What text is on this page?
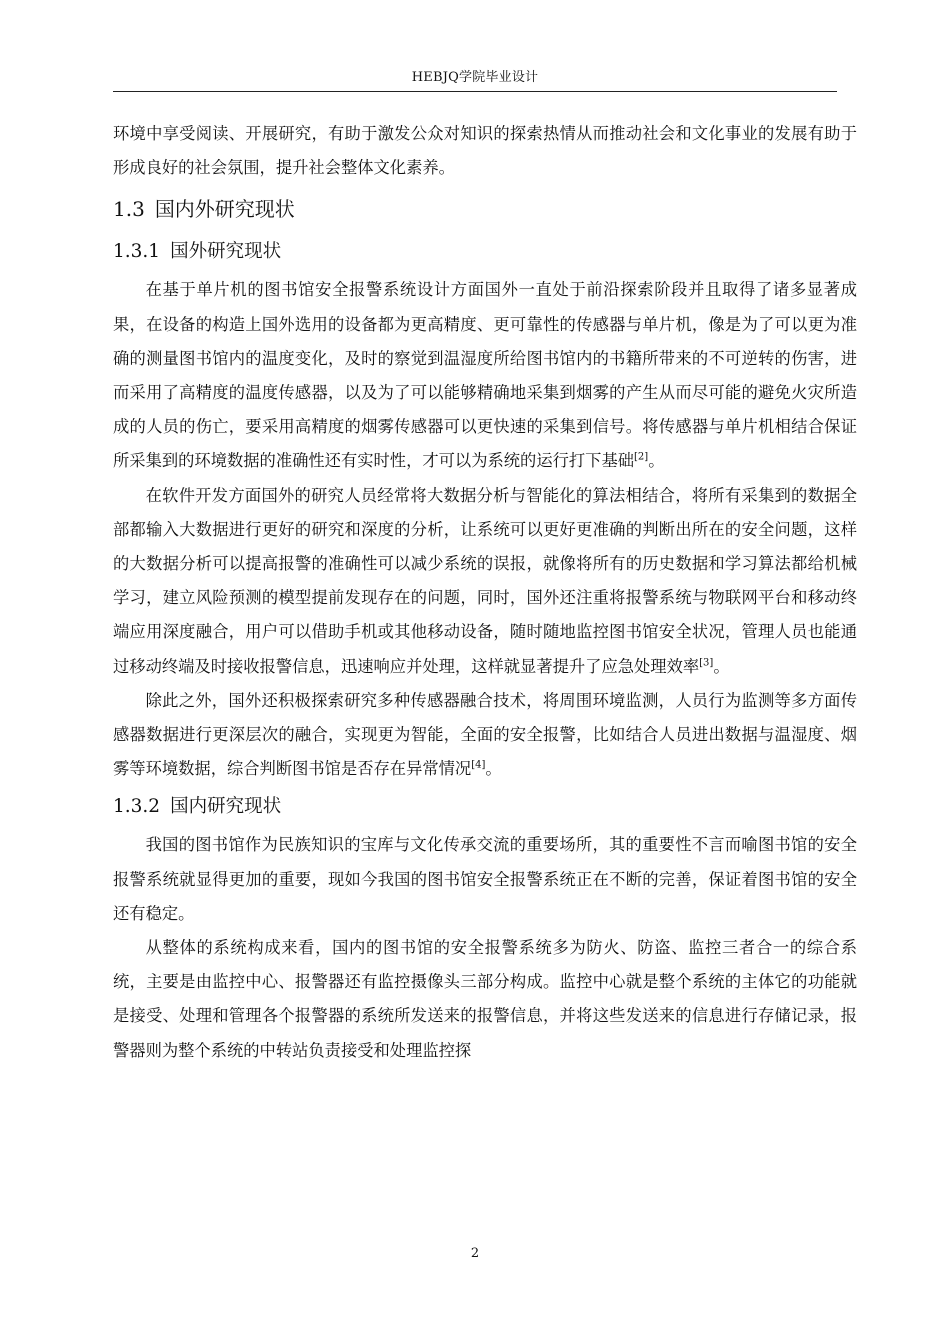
HEBJQ学院毕业设计

环境中享受阅读、开展研究，有助于激发公众对知识的探索热情从而推动社会和文化事业的发展有助于形成良好的社会氛围，提升社会整体文化素养。

1.3 国内外研究现状
1.3.1 国外研究现状

在基于单片机的图书馆安全报警系统设计方面国外一直处于前沿探索阶段并且取得了诸多显著成果，在设备的构造上国外选用的设备都为更高精度、更可靠性的传感器与单片机，像是为了可以更为准确的测量图书馆内的温度变化，及时的察觉到温湿度所给图书馆内的书籍所带来的不可逆转的伤害，进而采用了高精度的温度传感器，以及为了可以能够精确地采集到烟雾的产生从而尽可能的避免火灾所造成的人员的伤亡，要采用高精度的烟雾传感器可以更快速的采集到信号。将传感器与单片机相结合保证所采集到的环境数据的准确性还有实时性，才可以为系统的运行打下基础[2]。

在软件开发方面国外的研究人员经常将大数据分析与智能化的算法相结合，将所有采集到的数据全部都输入大数据进行更好的研究和深度的分析，让系统可以更好更准确的判断出所在的安全问题，这样的大数据分析可以提高报警的准确性可以减少系统的误报，就像将所有的历史数据和学习算法都给机械学习，建立风险预测的模型提前发现存在的问题，同时，国外还注重将报警系统与物联网平台和移动终端应用深度融合，用户可以借助手机或其他移动设备，随时随地监控图书馆安全状况，管理人员也能通过移动终端及时接收报警信息，迅速响应并处理，这样就显著提升了应急处理效率[3]。

除此之外，国外还积极探索研究多种传感器融合技术，将周围环境监测，人员行为监测等多方面传感器数据进行更深层次的融合，实现更为智能，全面的安全报警，比如结合人员进出数据与温湿度、烟雾等环境数据，综合判断图书馆是否存在异常情况[4]。

1.3.2 国内研究现状

我国的图书馆作为民族知识的宝库与文化传承交流的重要场所，其的重要性不言而喻图书馆的安全报警系统就显得更加的重要，现如今我国的图书馆安全报警系统正在不断的完善，保证着图书馆的安全还有稳定。

从整体的系统构成来看，国内的图书馆的安全报警系统多为防火、防盗、监控三者合一的综合系统，主要是由监控中心、报警器还有监控摄像头三部分构成。监控中心就是整个系统的主体它的功能就是接受、处理和管理各个报警器的系统所发送来的报警信息，并将这些发送来的信息进行存储记录，报警器则为整个系统的中转站负责接受和处理监控探

2
